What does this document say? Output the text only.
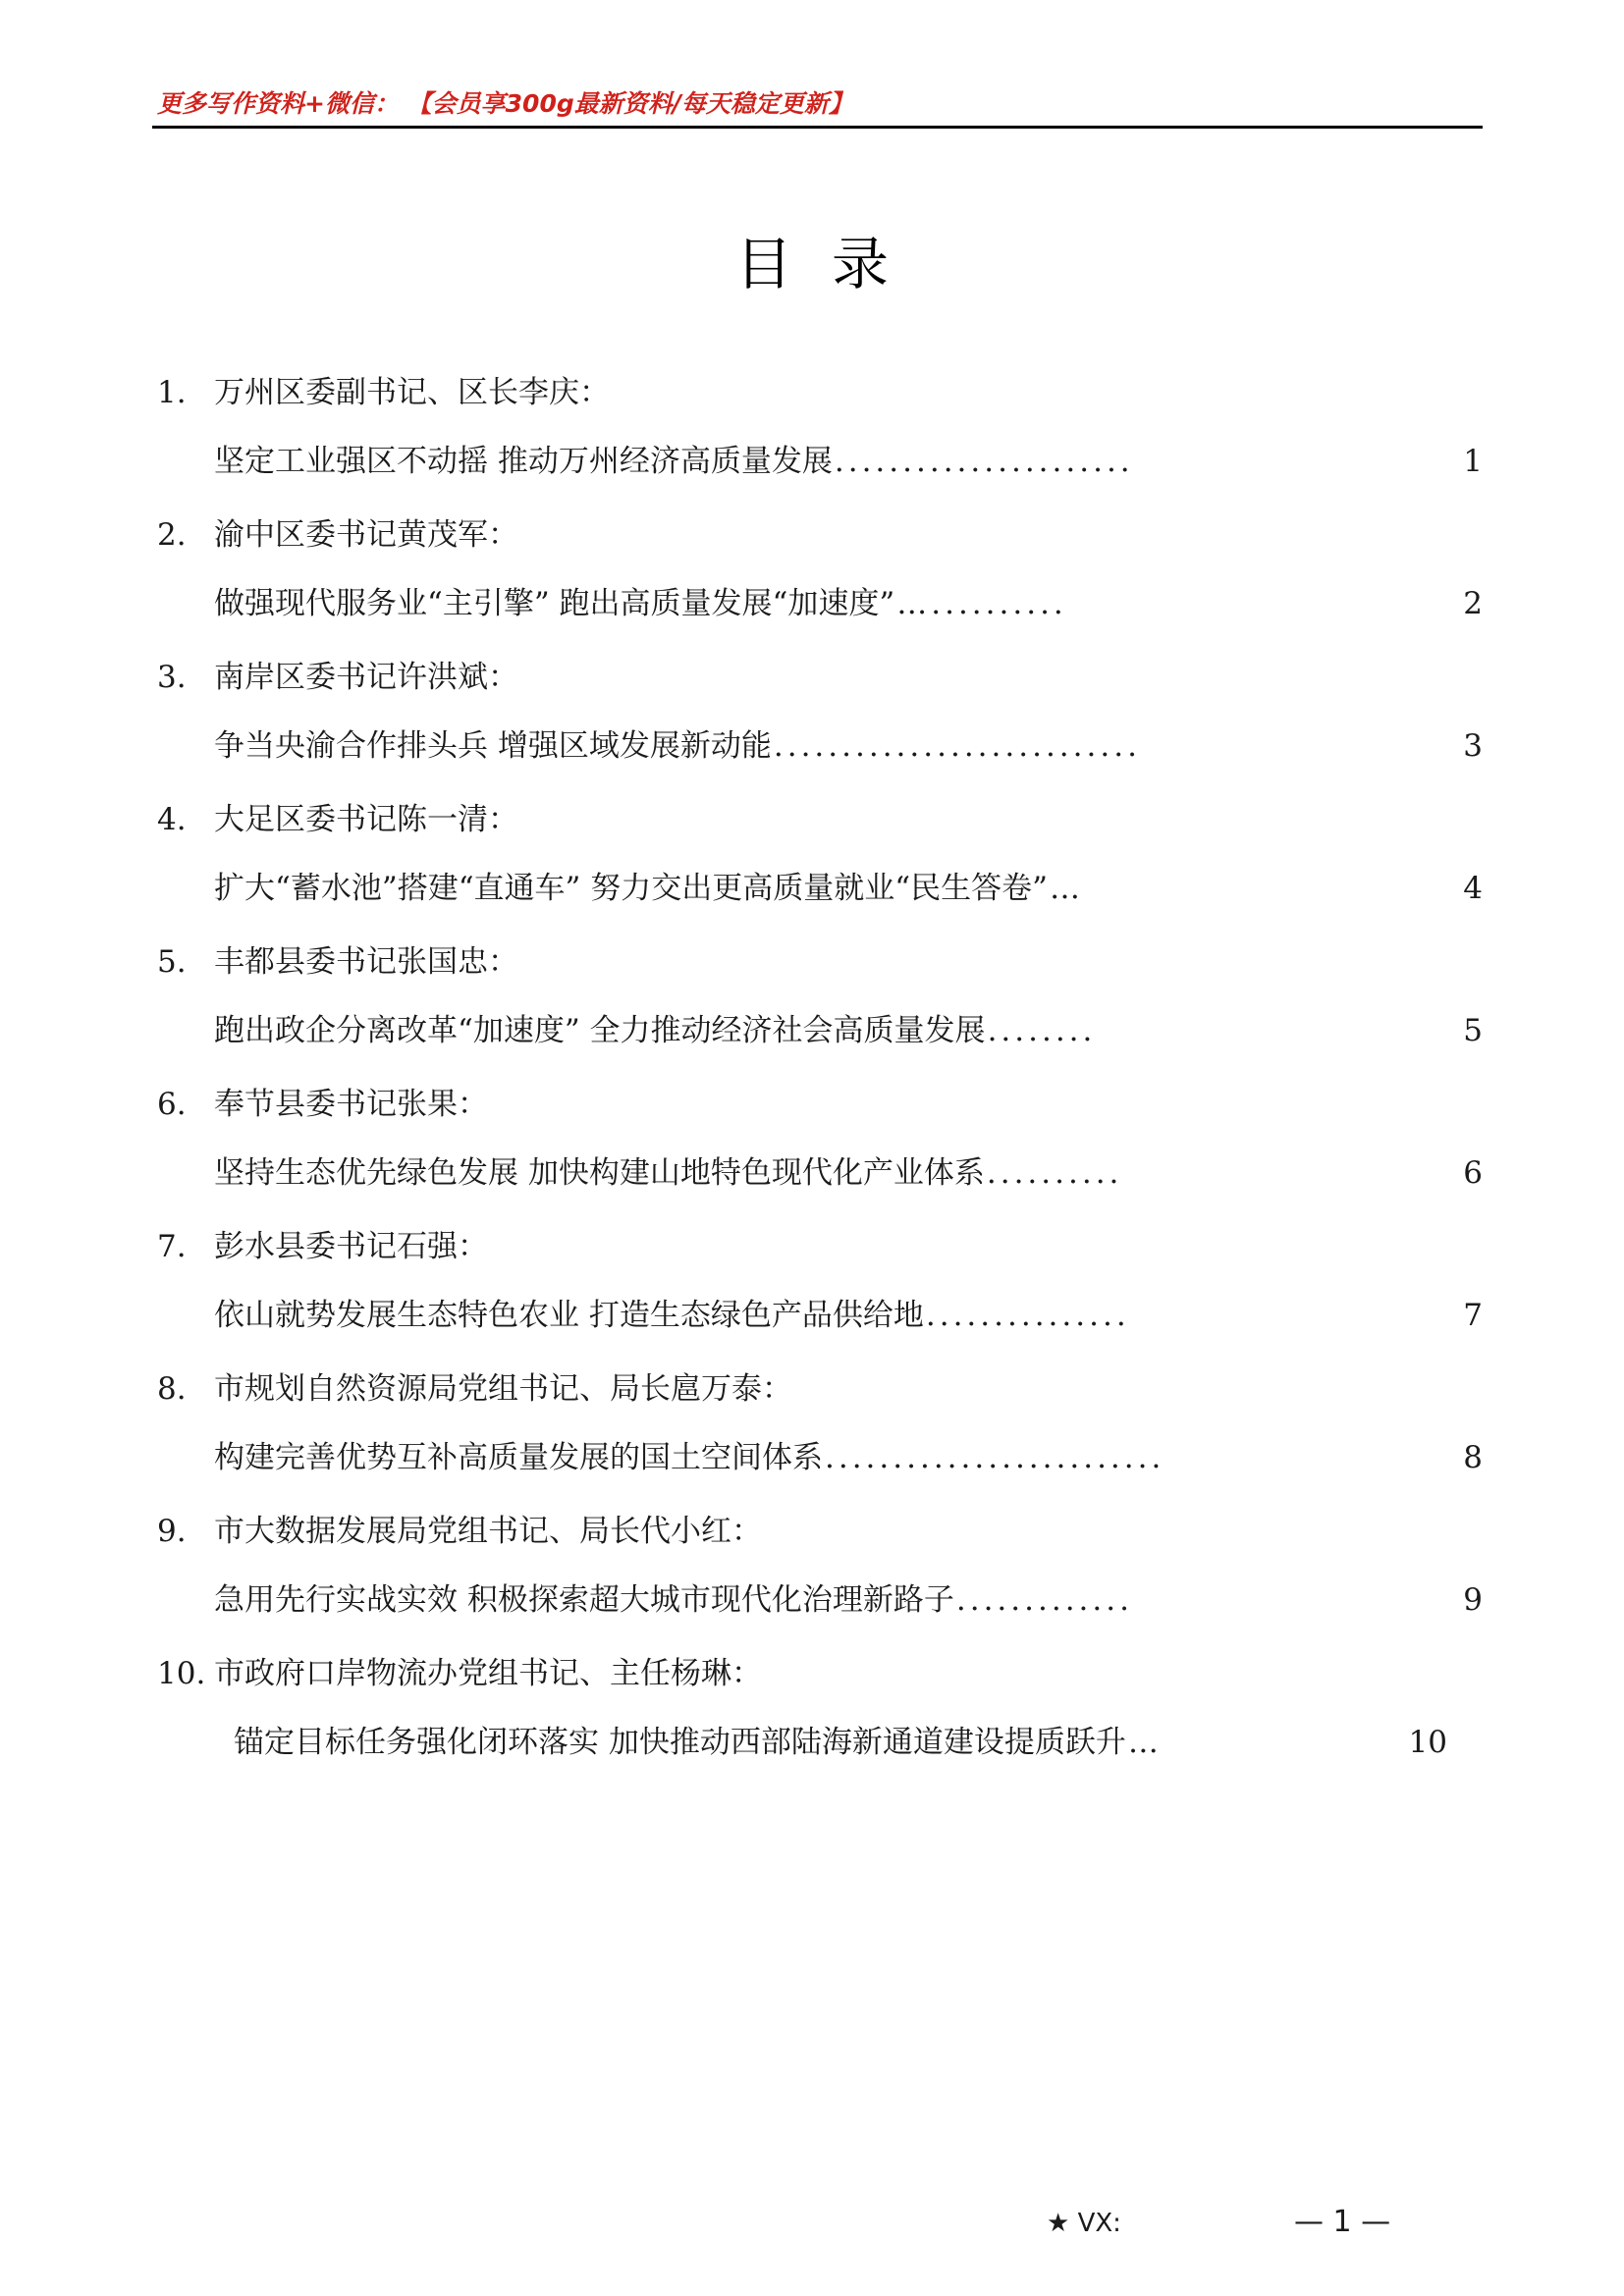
更多写作资料+微信： 【会员享300g最新资料/每天稳定更新】
目录
1. 万州区委副书记、区长李庆：
坚定工业强区不动摇 推动万州经济高质量发展 ......................	1
2. 渝中区委书记黄茂军：
做强现代服务业“主引擎” 跑出高质量发展“加速度” …..........	2
3. 南岸区委书记许洪斌：
争当央渝合作排头兵 增强区域发展新动能 ...........................	3
4. 大足区委书记陈一清：
扩大“蓄水池”搭建“直通车” 努力交出更高质量就业“民生答卷” …	4
5. 丰都县委书记张国忠：
跑出政企分离改革“加速度” 全力推动经济社会高质量发展 ........	5
6. 奉节县委书记张果：
坚持生态优先绿色发展 加快构建山地特色现代化产业体系 ..........	6
7. 彭水县委书记石强：
依山就势发展生态特色农业 打造生态绿色产品供给地 ...............	7
8. 市规划自然资源局党组书记、局长扈万泰：
构建完善优势互补高质量发展的国土空间体系 .........................	8
9. 市大数据发展局党组书记、局长代小红：
急用先行实战实效 积极探索超大城市现代化治理新路子 .............	9
10. 市政府口岸物流办党组书记、主任杨琳：
锚定目标任务强化闭环落实 加快推动西部陆海新通道建设提质跃升 …	10
★ VX:	— 1 —
